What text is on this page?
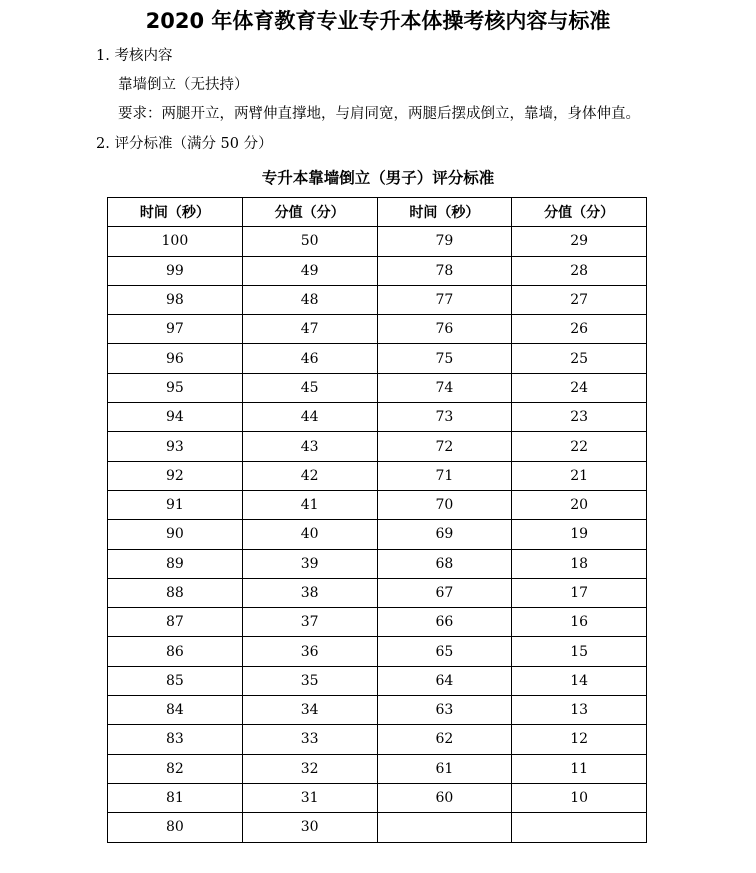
2020 年体育教育专业专升本体操考核内容与标准
1. 考核内容
靠墙倒立（无扶持）
要求：两腿开立，两臂伸直撑地，与肩同宽，两腿后摆成倒立，靠墙，身体伸直。
2. 评分标准（满分 50 分）
专升本靠墙倒立（男子）评分标准
时间（秒）	分值（分）	时间（秒）	分值（分）
100	50	79	29
99	49	78	28
98	48	77	27
97	47	76	26
96	46	75	25
95	45	74	24
94	44	73	23
93	43	72	22
92	42	71	21
91	41	70	20
90	40	69	19
89	39	68	18
88	38	67	17
87	37	66	16
86	36	65	15
85	35	64	14
84	34	63	13
83	33	62	12
82	32	61	11
81	31	60	10
80	30		
